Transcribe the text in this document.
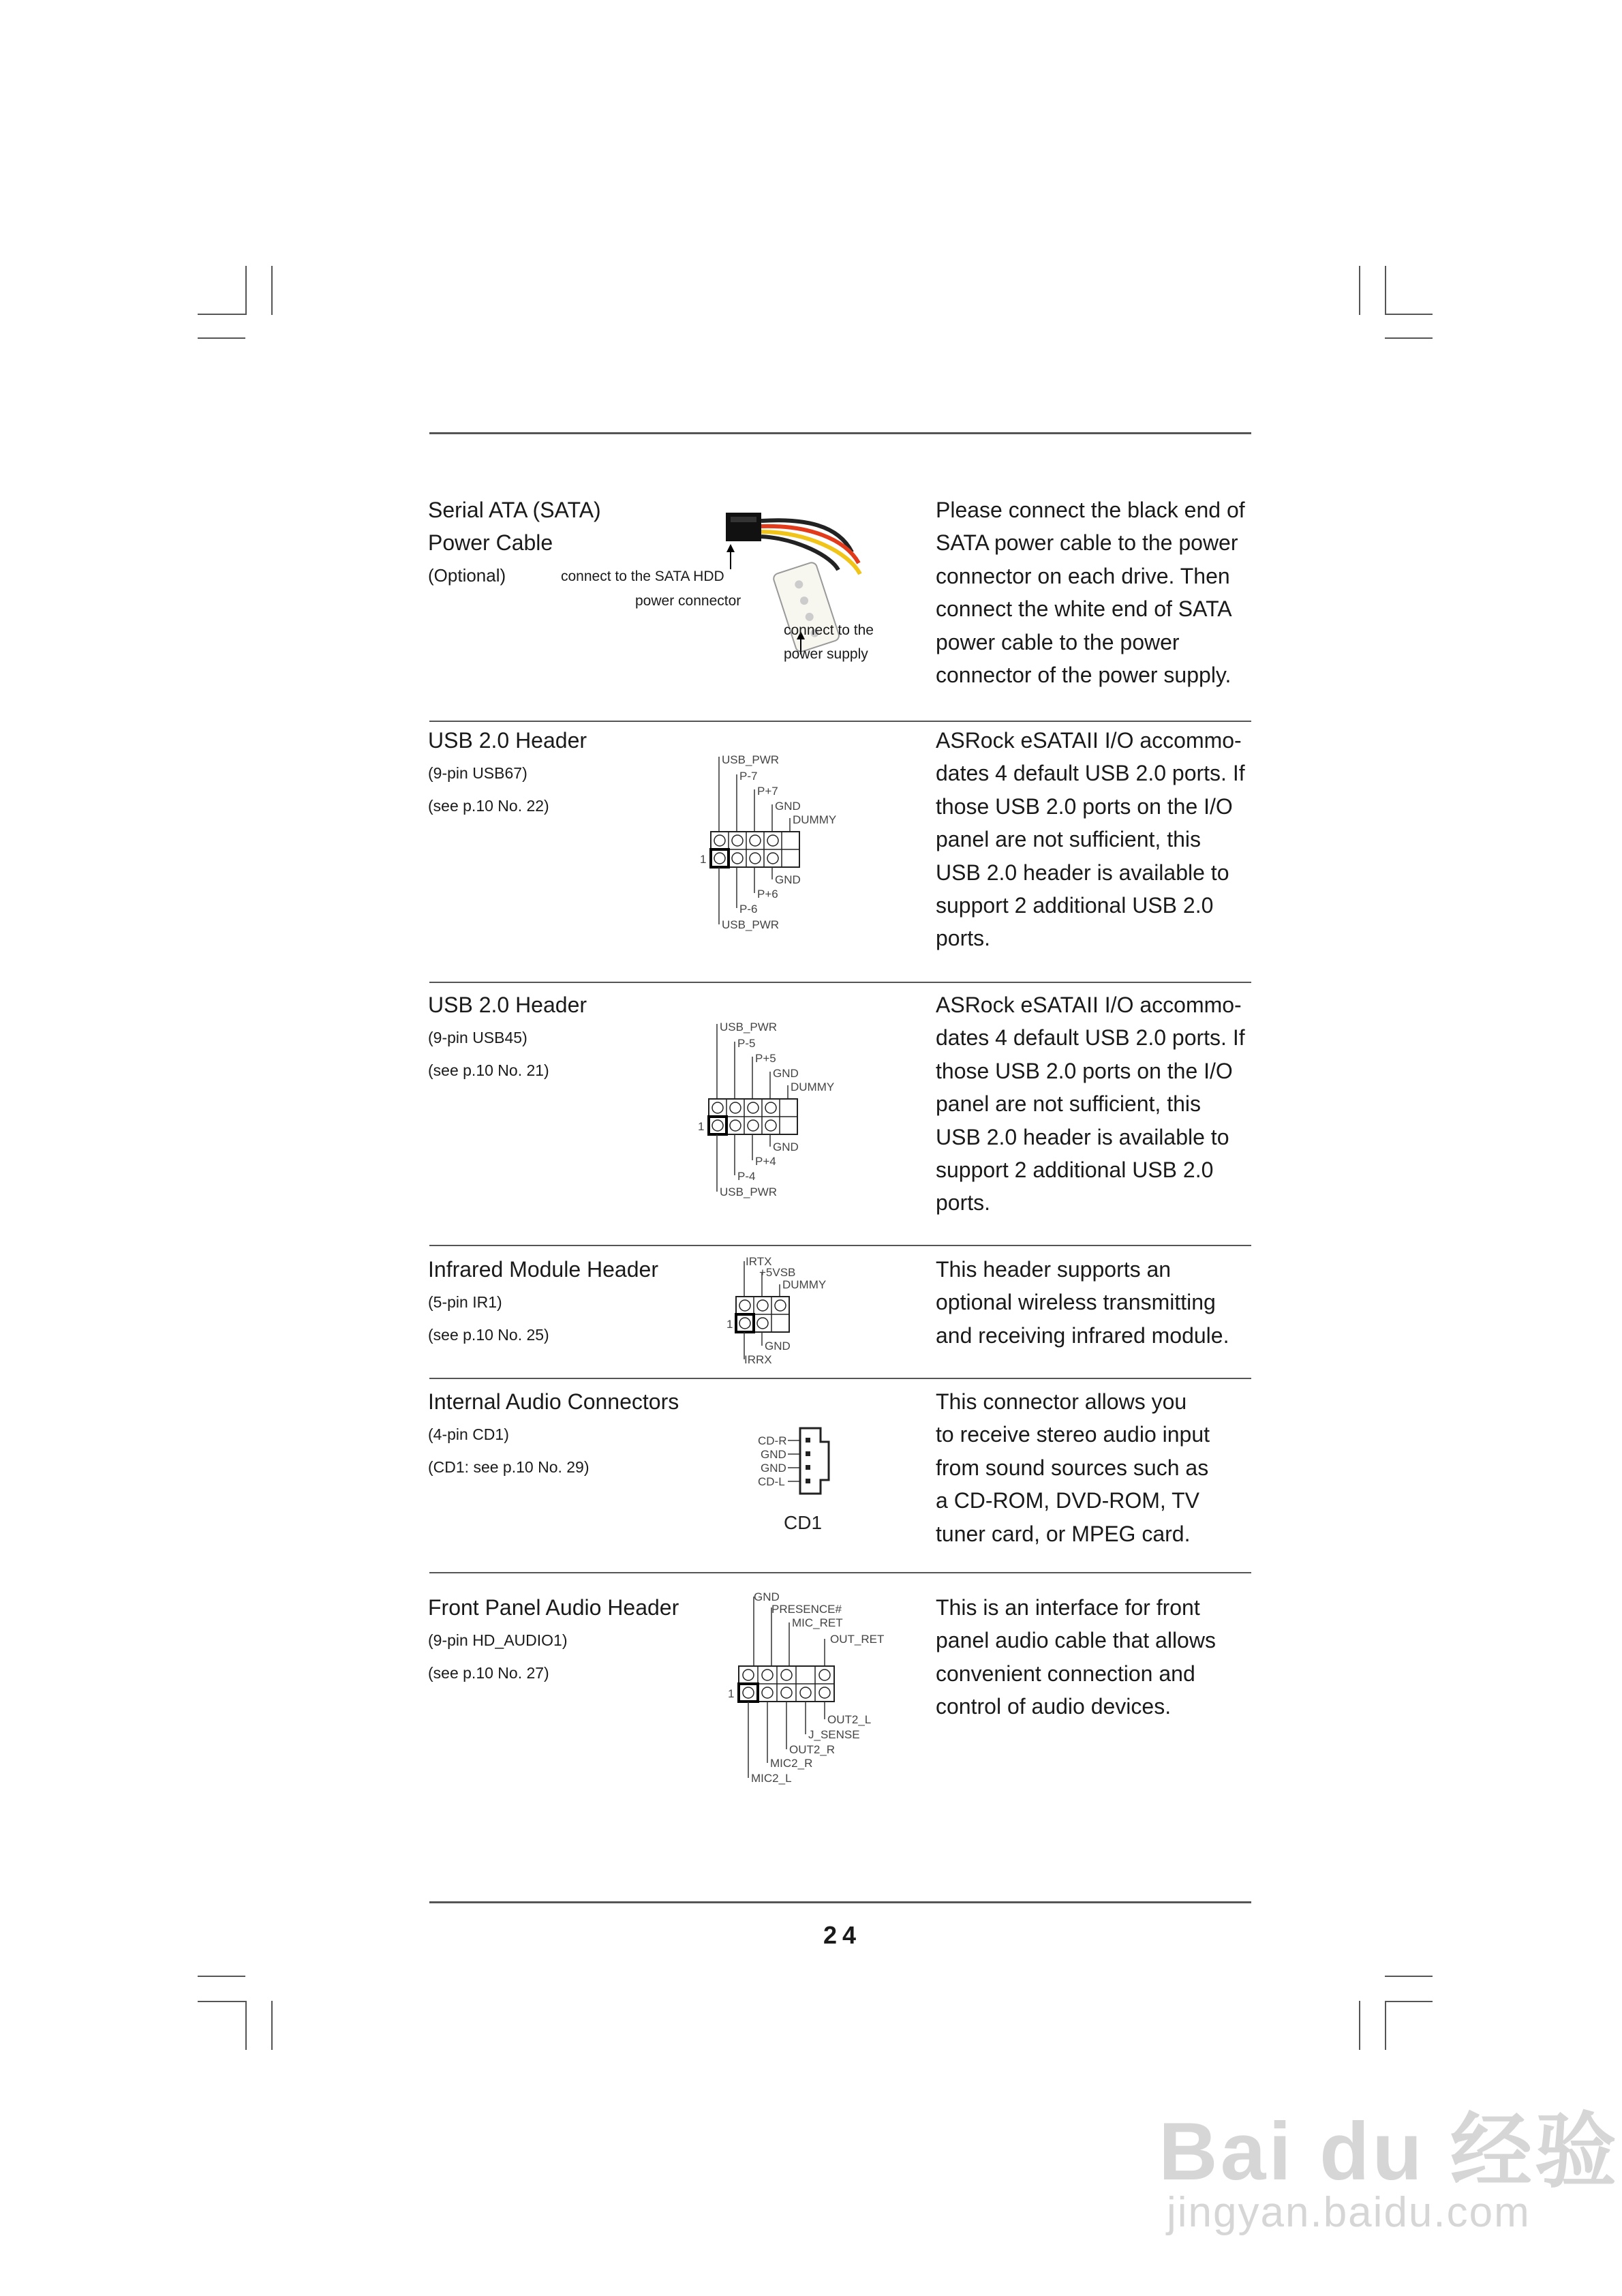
Serial ATA (SATA)
Power Cable
(Optional)	connect to the SATA HDD
power connector
connect to the
power supply
Please connect the black end of
SATA power cable to the power
connector on each drive. Then
connect the white end of SATA
power cable to the power
connector of the power supply.
USB 2.0 Header
(9-pin USB67)
(see p.10 No. 22)
USB_PWR
P-7
P+7
GND
DUMMY
1
GND
P+6
P-6
USB_PWR
ASRock eSATAII I/O accommo-
dates 4 default USB 2.0 ports. If
those USB 2.0 ports on the I/O
panel are not sufficient, this
USB 2.0 header is available to
support 2 additional USB 2.0
ports.
USB 2.0 Header
(9-pin USB45)
(see p.10 No. 21)
USB_PWR
P-5
P+5
GND
DUMMY
1
GND
P+4
P-4
USB_PWR
ASRock eSATAII I/O accommo-
dates 4 default USB 2.0 ports. If
those USB 2.0 ports on the I/O
panel are not sufficient, this
USB 2.0 header is available to
support 2 additional USB 2.0
ports.
Infrared Module Header
(5-pin IR1)
(see p.10 No. 25)
IRTX
+5VSB
DUMMY
1
GND
IRRX
This header supports an
optional wireless transmitting
and receiving infrared module.
Internal Audio Connectors
(4-pin CD1)
(CD1: see p.10 No. 29)
CD-R
GND
GND
CD-L
CD1
This connector allows you
to receive stereo audio input
from sound sources such as
a CD-ROM, DVD-ROM, TV
tuner card, or MPEG card.
Front Panel Audio Header
(9-pin HD_AUDIO1)
(see p.10 No. 27)
GND
PRESENCE#
MIC_RET
OUT_RET
1
OUT2_L
J_SENSE
OUT2_R
MIC2_R
MIC2_L
This is an interface for front
panel audio cable that allows
convenient connection and
control of audio devices.
24
Bai du 经验
jingyan.baidu.com
